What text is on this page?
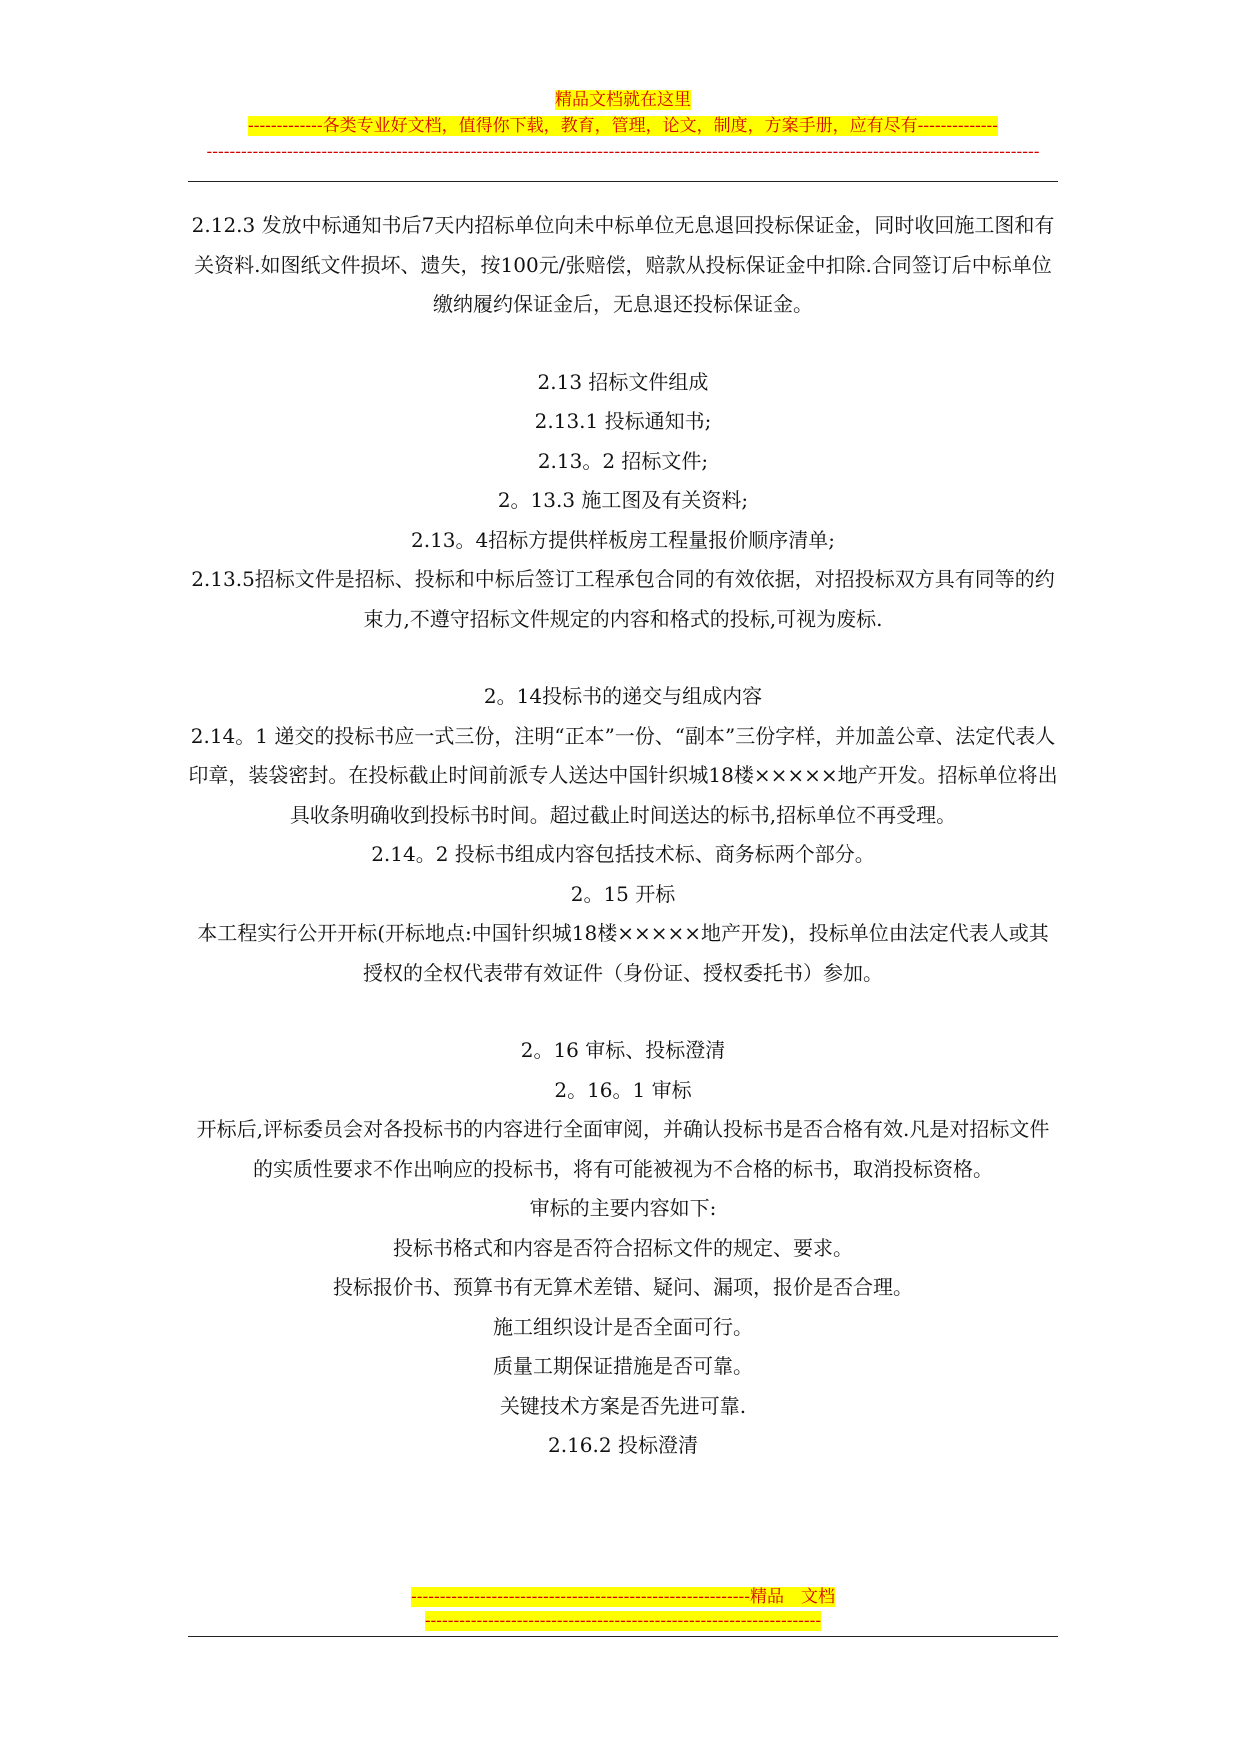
精品文档就在这里
-------------各类专业好文档，值得你下载，教育，管理，论文，制度，方案手册，应有尽有--------------
-------------------------------------------------------------------------------------------------------------------------------------------------

2.12.3 发放中标通知书后7天内招标单位向未中标单位无息退回投标保证金，同时收回施工图和有关资料.如图纸文件损坏、遗失，按100元/张赔偿，赔款从投标保证金中扣除.合同签订后中标单位缴纳履约保证金后，无息退还投标保证金。

2.13 招标文件组成

2.13.1 投标通知书;

2.13。2 招标文件;

2。13.3 施工图及有关资料;

2.13。4招标方提供样板房工程量报价顺序清单;

2.13.5招标文件是招标、投标和中标后签订工程承包合同的有效依据，对招投标双方具有同等的约束力,不遵守招标文件规定的内容和格式的投标,可视为废标.

2。14投标书的递交与组成内容

2.14。1 递交的投标书应一式三份，注明“正本”一份、“副本”三份字样，并加盖公章、法定代表人印章，装袋密封。在投标截止时间前派专人送达中国针织城18楼×××××地产开发。招标单位将出具收条明确收到投标书时间。超过截止时间送达的标书,招标单位不再受理。

2.14。2 投标书组成内容包括技术标、商务标两个部分。

2。15 开标

本工程实行公开开标(开标地点:中国针织城18楼×××××地产开发)，投标单位由法定代表人或其授权的全权代表带有效证件（身份证、授权委托书）参加。

2。16 审标、投标澄清

2。16。1 审标

开标后,评标委员会对各投标书的内容进行全面审阅，并确认投标书是否合格有效.凡是对招标文件的实质性要求不作出响应的投标书，将有可能被视为不合格的标书，取消投标资格。

审标的主要内容如下:

投标书格式和内容是否符合招标文件的规定、要求。

投标报价书、预算书有无算术差错、疑问、漏项，报价是否合理。

施工组织设计是否全面可行。

质量工期保证措施是否可靠。

关键技术方案是否先进可靠.

2.16.2 投标澄清

-----------------------------------------------------------精品　文档
---------------------------------------------------------------------
